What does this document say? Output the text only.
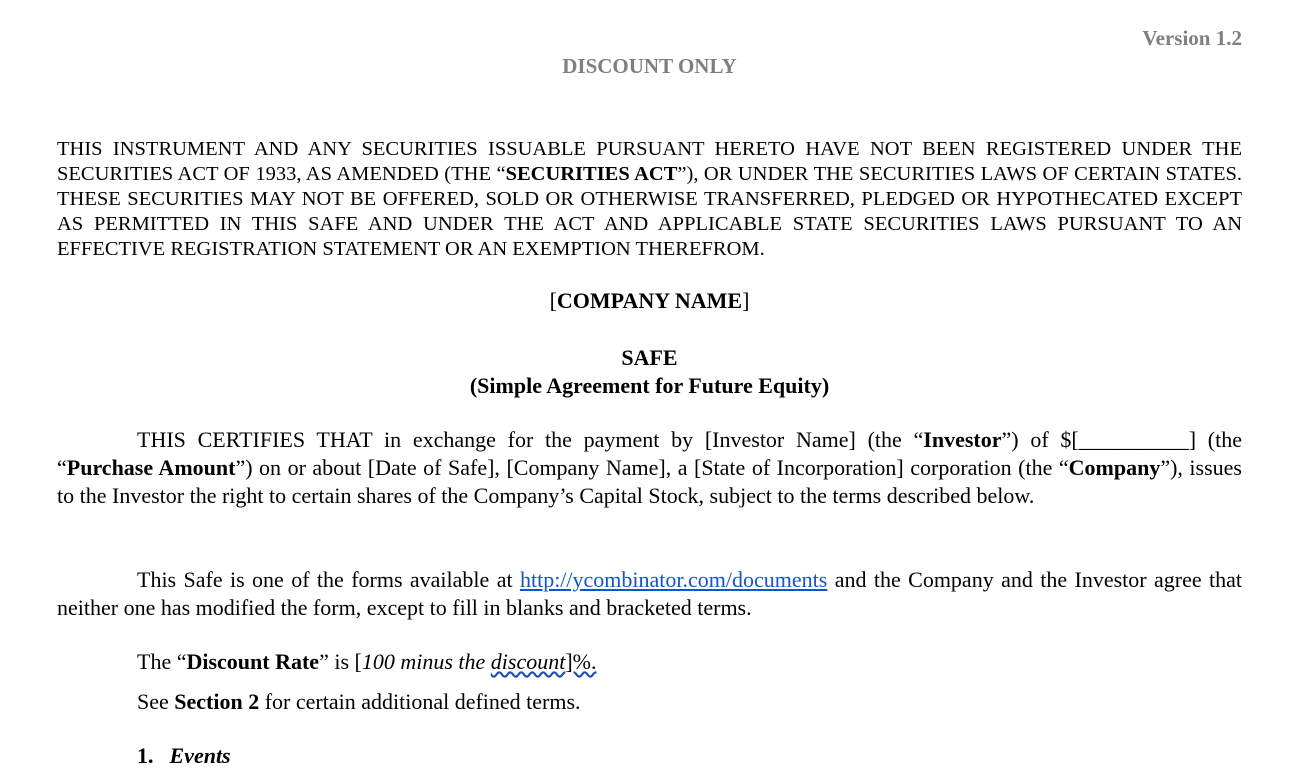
Version 1.2
DISCOUNT ONLY
THIS INSTRUMENT AND ANY SECURITIES ISSUABLE PURSUANT HERETO HAVE NOT BEEN REGISTERED UNDER THE SECURITIES ACT OF 1933, AS AMENDED (THE “SECURITIES ACT”), OR UNDER THE SECURITIES LAWS OF CERTAIN STATES. THESE SECURITIES MAY NOT BE OFFERED, SOLD OR OTHERWISE TRANSFERRED, PLEDGED OR HYPOTHECATED EXCEPT AS PERMITTED IN THIS SAFE AND UNDER THE ACT AND APPLICABLE STATE SECURITIES LAWS PURSUANT TO AN EFFECTIVE REGISTRATION STATEMENT OR AN EXEMPTION THEREFROM.
[COMPANY NAME]
SAFE
(Simple Agreement for Future Equity)
THIS CERTIFIES THAT in exchange for the payment by [Investor Name] (the “Investor”) of $[__________] (the “Purchase Amount”) on or about [Date of Safe], [Company Name], a [State of Incorporation] corporation (the “Company”), issues to the Investor the right to certain shares of the Company’s Capital Stock, subject to the terms described below.
This Safe is one of the forms available at http://ycombinator.com/documents and the Company and the Investor agree that neither one has modified the form, except to fill in blanks and bracketed terms.
The “Discount Rate” is [100 minus the discount]%.
See Section 2 for certain additional defined terms.
1. Events
